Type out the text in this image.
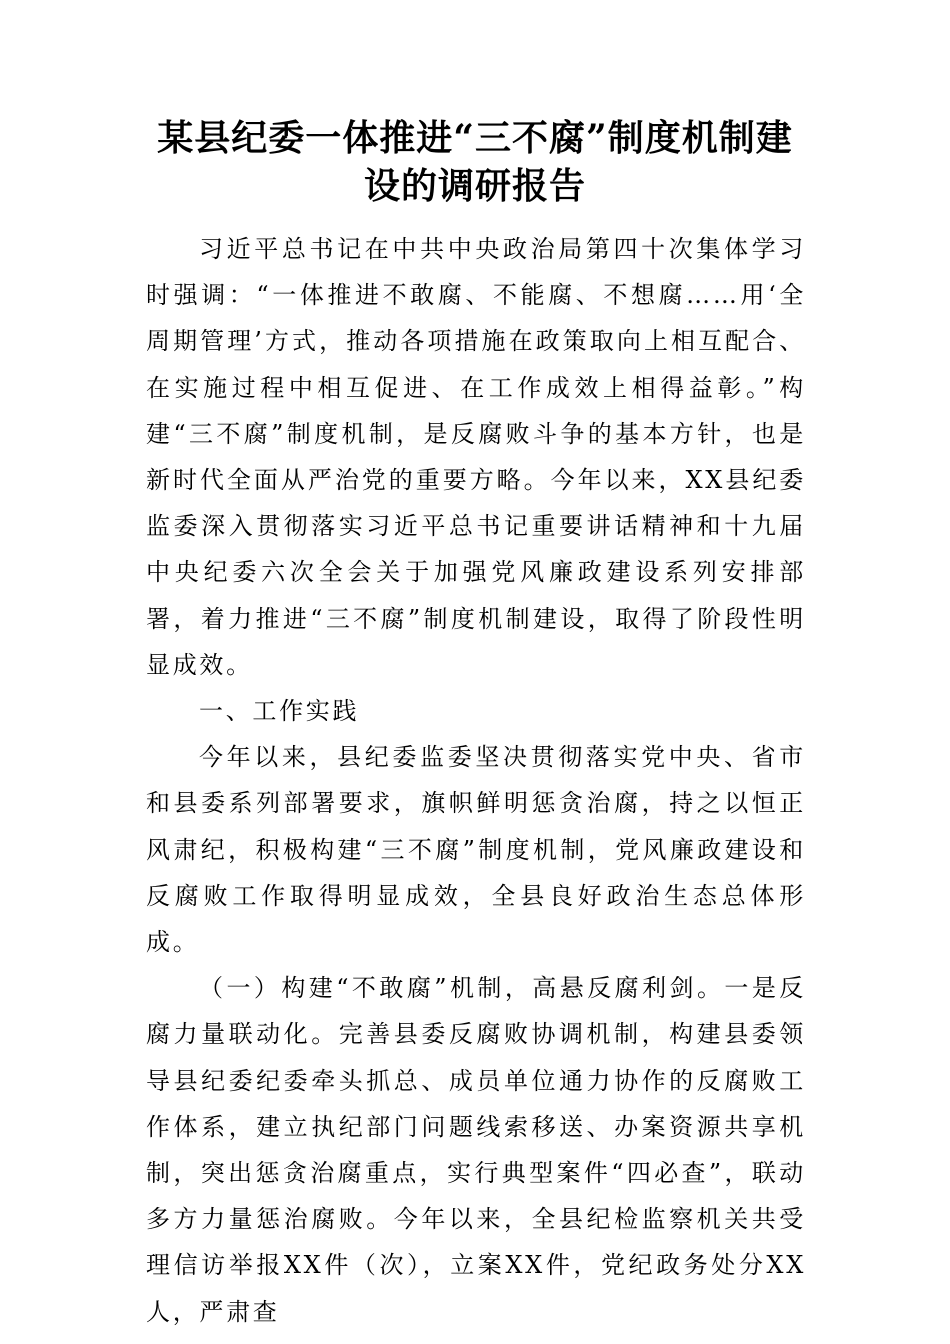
某县纪委一体推进“三不腐”制度机制建设的调研报告

习近平总书记在中共中央政治局第四十次集体学习时强调：“一体推进不敢腐、不能腐、不想腐……用‘全周期管理’方式，推动各项措施在政策取向上相互配合、在实施过程中相互促进、在工作成效上相得益彰。”构建“三不腐”制度机制，是反腐败斗争的基本方针，也是新时代全面从严治党的重要方略。今年以来，XX县纪委监委深入贯彻落实习近平总书记重要讲话精神和十九届中央纪委六次全会关于加强党风廉政建设系列安排部署，着力推进“三不腐”制度机制建设，取得了阶段性明显成效。

一、工作实践

今年以来，县纪委监委坚决贯彻落实党中央、省市和县委系列部署要求，旗帜鲜明惩贪治腐，持之以恒正风肃纪，积极构建“三不腐”制度机制，党风廉政建设和反腐败工作取得明显成效，全县良好政治生态总体形成。

（一）构建“不敢腐”机制，高悬反腐利剑。一是反腐力量联动化。完善县委反腐败协调机制，构建县委领导县纪委纪委牵头抓总、成员单位通力协作的反腐败工作体系，建立执纪部门问题线索移送、办案资源共享机制，突出惩贪治腐重点，实行典型案件“四必查”，联动多方力量惩治腐败。今年以来，全县纪检监察机关共受理信访举报XX件（次），立案XX件，党纪政务处分XX人，严肃查
